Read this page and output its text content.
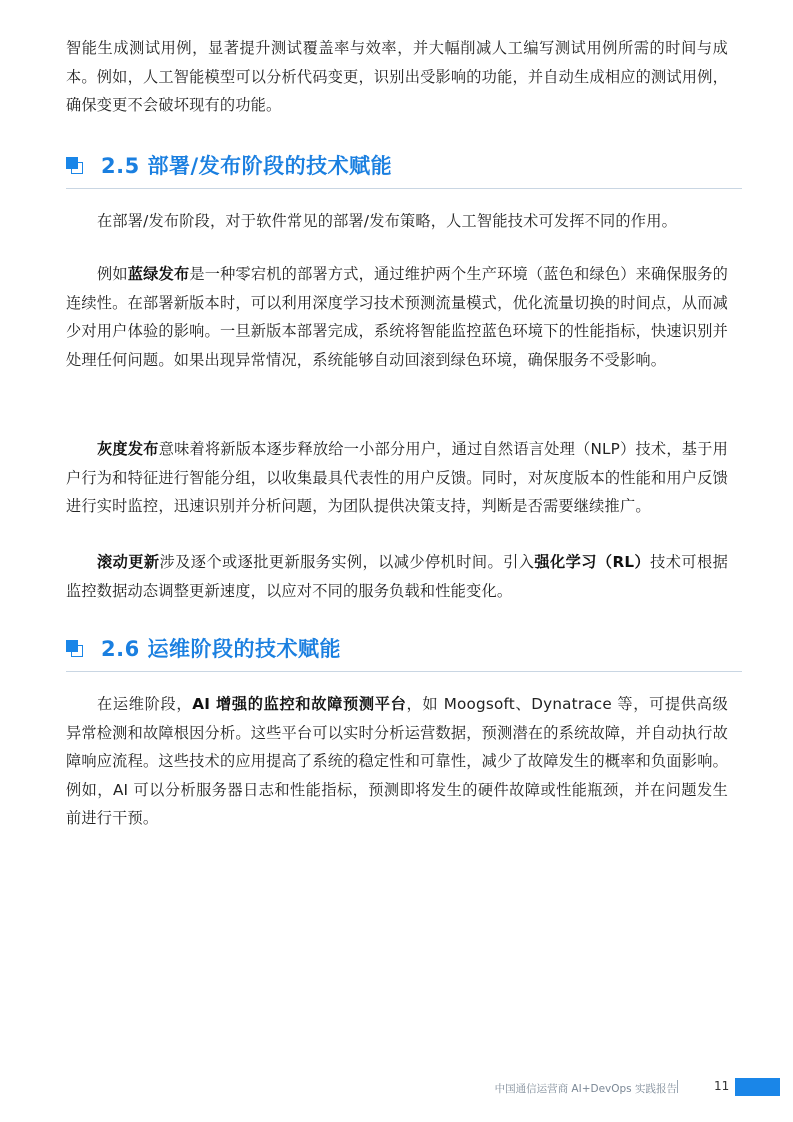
智能生成测试用例，显著提升测试覆盖率与效率，并大幅削减人工编写测试用例所需的时间与成本。例如，人工智能模型可以分析代码变更，识别出受影响的功能，并自动生成相应的测试用例，确保变更不会破坏现有的功能。

2.5 部署/发布阶段的技术赋能

在部署/发布阶段，对于软件常见的部署/发布策略，人工智能技术可发挥不同的作用。

例如蓝绿发布是一种零宕机的部署方式，通过维护两个生产环境（蓝色和绿色）来确保服务的连续性。在部署新版本时，可以利用深度学习技术预测流量模式，优化流量切换的时间点，从而减少对用户体验的影响。一旦新版本部署完成，系统将智能监控蓝色环境下的性能指标，快速识别并处理任何问题。如果出现异常情况，系统能够自动回滚到绿色环境，确保服务不受影响。

灰度发布意味着将新版本逐步释放给一小部分用户，通过自然语言处理（NLP）技术，基于用户行为和特征进行智能分组，以收集最具代表性的用户反馈。同时，对灰度版本的性能和用户反馈进行实时监控，迅速识别并分析问题，为团队提供决策支持，判断是否需要继续推广。

滚动更新涉及逐个或逐批更新服务实例，以减少停机时间。引入强化学习（RL）技术可根据监控数据动态调整更新速度，以应对不同的服务负载和性能变化。

2.6 运维阶段的技术赋能

在运维阶段，AI 增强的监控和故障预测平台，如 Moogsoft、Dynatrace 等，可提供高级异常检测和故障根因分析。这些平台可以实时分析运营数据，预测潜在的系统故障，并自动执行故障响应流程。这些技术的应用提高了系统的稳定性和可靠性，减少了故障发生的概率和负面影响。例如，AI 可以分析服务器日志和性能指标，预测即将发生的硬件故障或性能瓶颈，并在问题发生前进行干预。

中国通信运营商 AI+DevOps 实践报告	11
